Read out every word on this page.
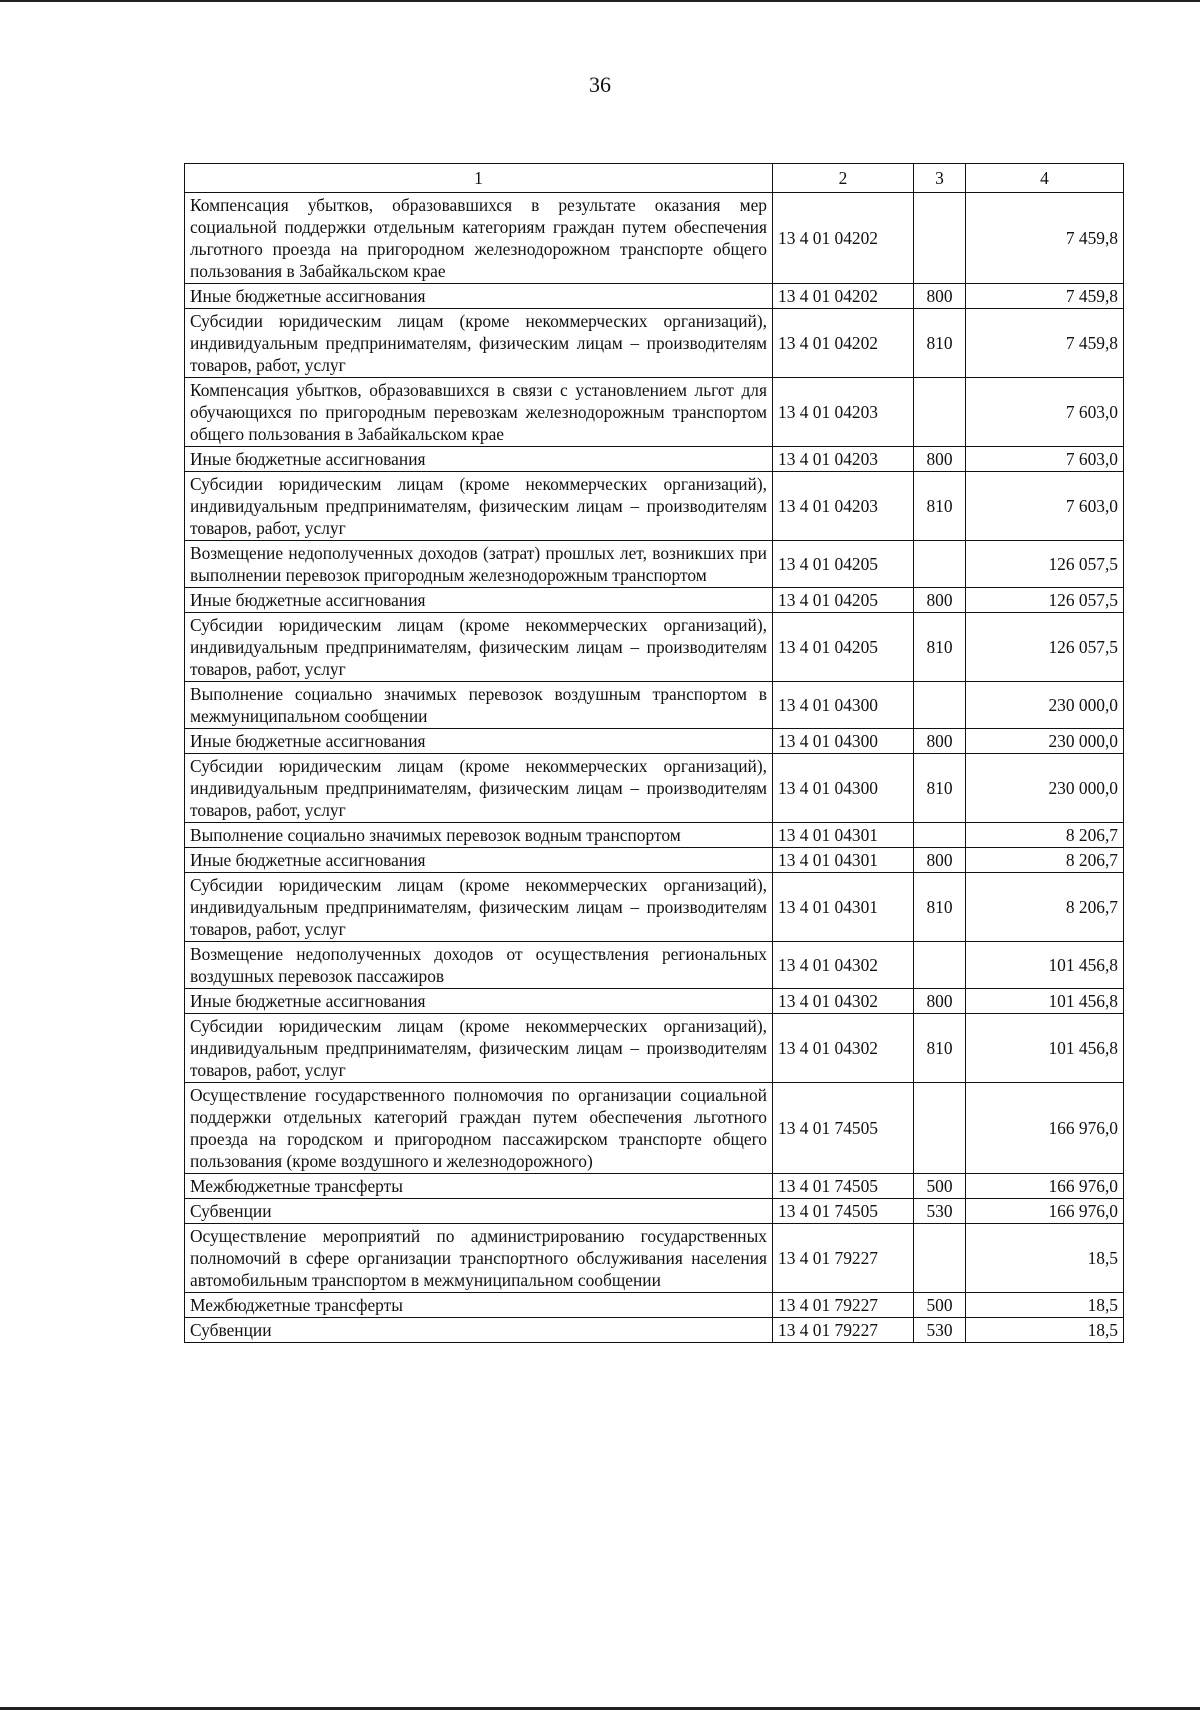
36
1	2	3	4
Компенсация убытков, образовавшихся в результате оказания мер социальной поддержки отдельным категориям граждан путем обеспечения льготного проезда на пригородном железнодорожном транспорте общего пользования в Забайкальском крае	13 4 01 04202		7 459,8
Иные бюджетные ассигнования	13 4 01 04202	800	7 459,8
Субсидии юридическим лицам (кроме некоммерческих организаций), индивидуальным предпринимателям, физическим лицам – производителям товаров, работ, услуг	13 4 01 04202	810	7 459,8
Компенсация убытков, образовавшихся в связи с установлением льгот для обучающихся по пригородным перевозкам железнодорожным транспортом общего пользования в Забайкальском крае	13 4 01 04203		7 603,0
Иные бюджетные ассигнования	13 4 01 04203	800	7 603,0
Субсидии юридическим лицам (кроме некоммерческих организаций), индивидуальным предпринимателям, физическим лицам – производителям товаров, работ, услуг	13 4 01 04203	810	7 603,0
Возмещение недополученных доходов (затрат) прошлых лет, возникших при выполнении перевозок пригородным железнодорожным транспортом	13 4 01 04205		126 057,5
Иные бюджетные ассигнования	13 4 01 04205	800	126 057,5
Субсидии юридическим лицам (кроме некоммерческих организаций), индивидуальным предпринимателям, физическим лицам – производителям товаров, работ, услуг	13 4 01 04205	810	126 057,5
Выполнение социально значимых перевозок воздушным транспортом в межмуниципальном сообщении	13 4 01 04300		230 000,0
Иные бюджетные ассигнования	13 4 01 04300	800	230 000,0
Субсидии юридическим лицам (кроме некоммерческих организаций), индивидуальным предпринимателям, физическим лицам – производителям товаров, работ, услуг	13 4 01 04300	810	230 000,0
Выполнение социально значимых перевозок водным транспортом	13 4 01 04301		8 206,7
Иные бюджетные ассигнования	13 4 01 04301	800	8 206,7
Субсидии юридическим лицам (кроме некоммерческих организаций), индивидуальным предпринимателям, физическим лицам – производителям товаров, работ, услуг	13 4 01 04301	810	8 206,7
Возмещение недополученных доходов от осуществления региональных воздушных перевозок пассажиров	13 4 01 04302		101 456,8
Иные бюджетные ассигнования	13 4 01 04302	800	101 456,8
Субсидии юридическим лицам (кроме некоммерческих организаций), индивидуальным предпринимателям, физическим лицам – производителям товаров, работ, услуг	13 4 01 04302	810	101 456,8
Осуществление государственного полномочия по организации социальной поддержки отдельных категорий граждан путем обеспечения льготного проезда на городском и пригородном пассажирском транспорте общего пользования (кроме воздушного и железнодорожного)	13 4 01 74505		166 976,0
Межбюджетные трансферты	13 4 01 74505	500	166 976,0
Субвенции	13 4 01 74505	530	166 976,0
Осуществление мероприятий по администрированию государственных полномочий в сфере организации транспортного обслуживания населения автомобильным транспортом в межмуниципальном сообщении	13 4 01 79227		18,5
Межбюджетные трансферты	13 4 01 79227	500	18,5
Субвенции	13 4 01 79227	530	18,5
